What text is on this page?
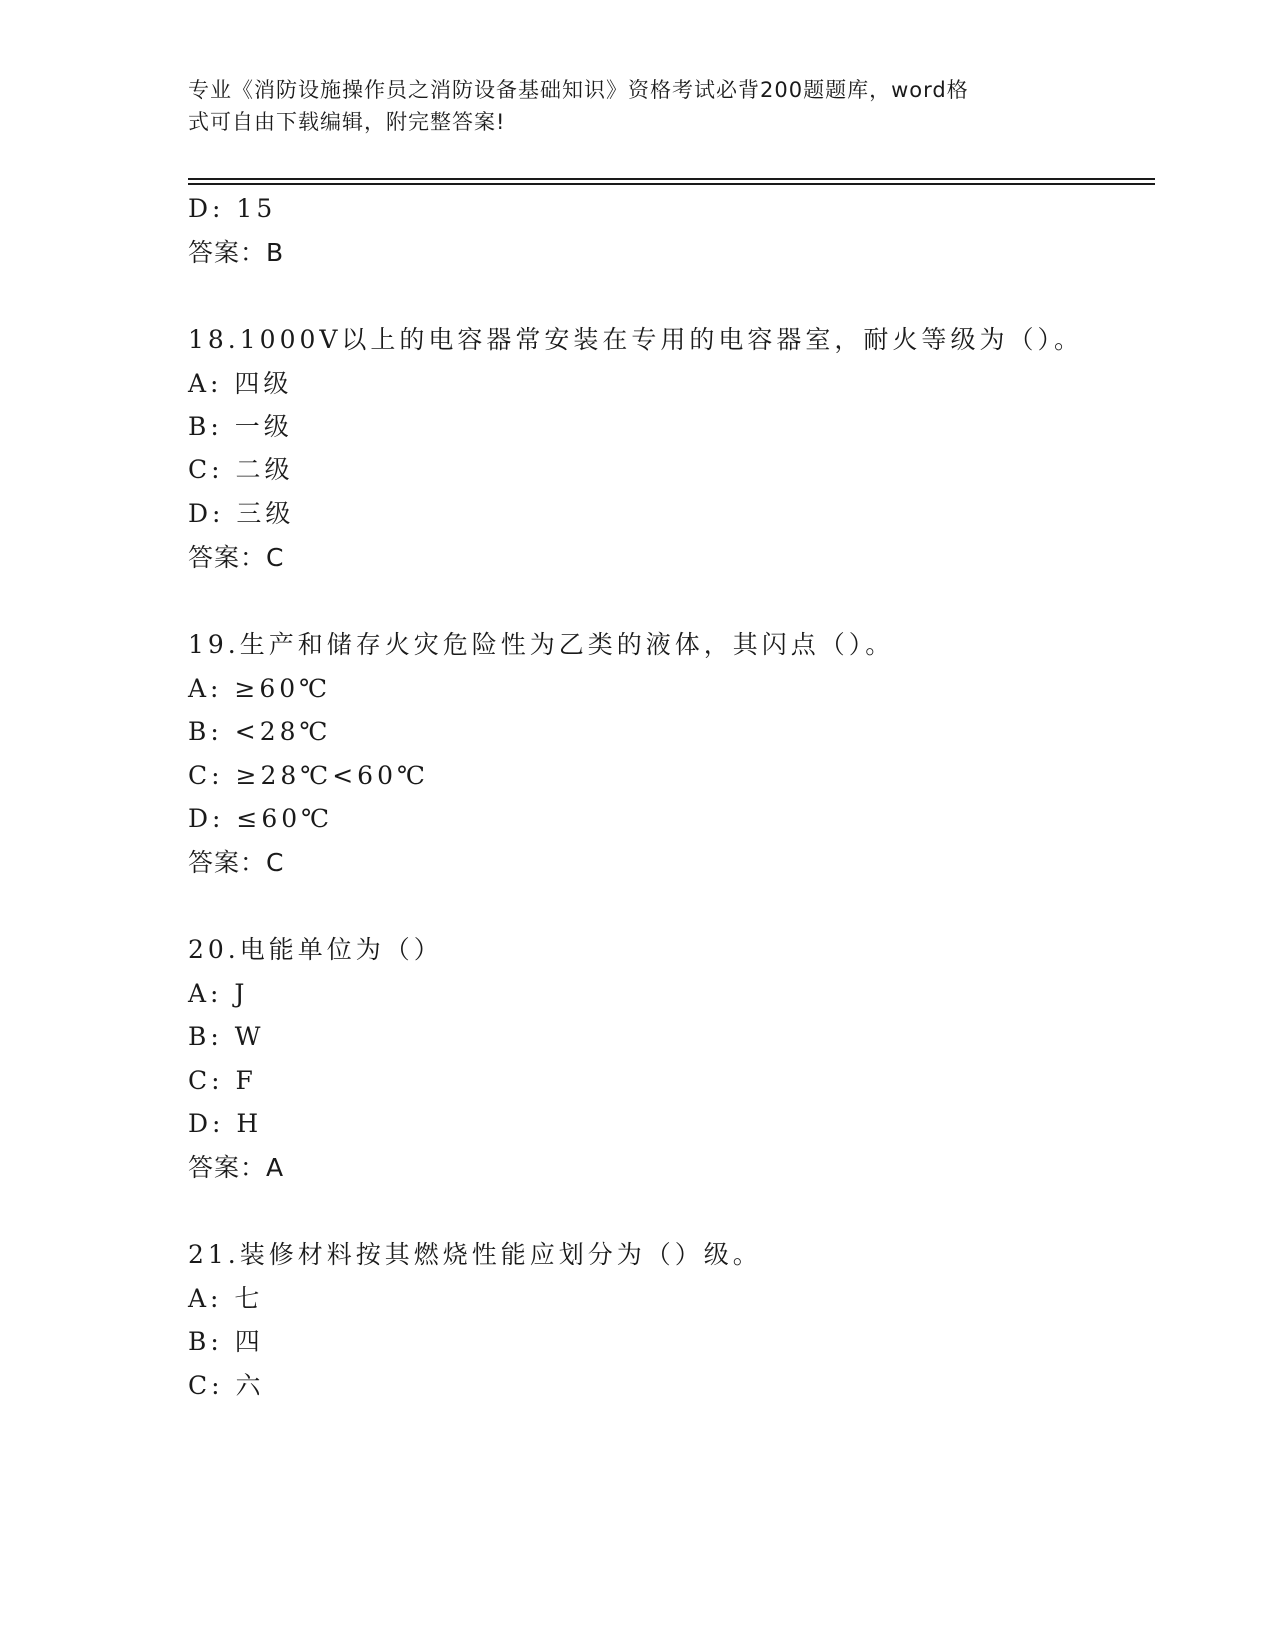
专业《消防设施操作员之消防设备基础知识》资格考试必背200题题库，word格
式可自由下载编辑，附完整答案!
D: 15
答案：B
18.1000V以上的电容器常安装在专用的电容器室，耐火等级为（）。
A: 四级
B: 一级
C: 二级
D: 三级
答案：C
19.生产和储存火灾危险性为乙类的液体，其闪点（）。
A: ≥60℃
B: <28℃
C: ≥28℃<60℃
D: ≤60℃
答案：C
20.电能单位为（）
A: J
B: W
C: F
D: H
答案：A
21.装修材料按其燃烧性能应划分为（）级。
A: 七
B: 四
C: 六
